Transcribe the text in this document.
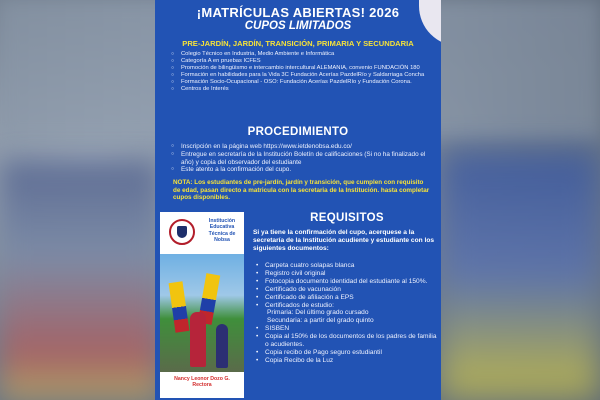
¡MATRÍCULAS ABIERTAS! 2026
CUPOS LIMITADOS
PRE-JARDÍN, JARDÍN, TRANSICIÓN, PRIMARIA Y SECUNDARIA
○ Colegio Técnico en Industria, Medio Ambiente e Informática
○ Categoría A en pruebas ICFES
○ Promoción de bilingüismo e intercambio intercultural ALEMANIA, convenio FUNDACIÓN 180
○ Formación en habilidades para la Vida 3C Fundación Acerías PazdelRío y Saldarriaga Concha
○ Formación Socio-Ocupacional - OSO: Fundación Acerías PazdelRío y Fundación Corona.
○ Centros de Interés
PROCEDIMIENTO
○ Inscripción en la página web https://www.ietdenobsa.edu.co/
○ Entregue en secretaría de la Institución Boletín de calificaciones (Si no ha finalizado el año) y copia del observador del estudiante
○ Este atento a la confirmación del cupo.
NOTA: Los estudiantes de pre-jardín, jardín y transición, que cumplen con requisito de edad, pasan directo a matricula con la secretaria de la Institución. hasta completar cupos disponibles.
Institución Educativa Técnica de Nobsa
Nancy Leonor Dozo G. Rectora
REQUISITOS
Si ya tiene la confirmación del cupo, acerquese a la secretaría de la Institución acudiente y estudiante con los siguientes documentos:
• Carpeta cuatro solapas blanca
• Registro civil original
• Fotocopia documento identidad del estudiante al 150%.
• Certificado de vacunación
• Certificado de afiliación a EPS
• Certificados de estudio:
Primaria: Del último grado cursado
Secundaria: a partir del grado quinto
• SISBEN
• Copia al 150% de los documentos de los padres de familia o acudientes.
• Copia recibo de Pago seguro estudiantil
• Copia Recibo de la Luz
